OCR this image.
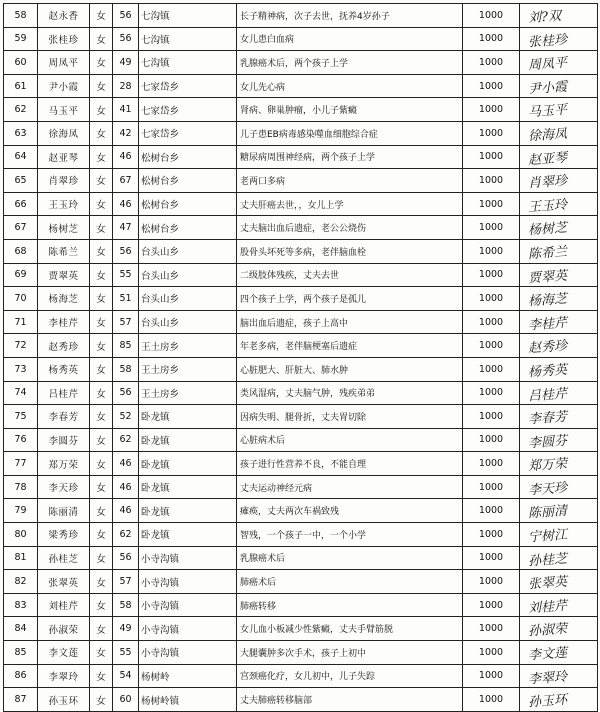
58	赵永香	女	56	七沟镇	长子精神病，次子去世，抚养4岁孙子	1000	刘?双

59	张桂珍	女	56	七沟镇	女儿患白血病	1000	张桂珍

60	周凤平	女	49	七沟镇	乳腺癌术后，两个孩子上学	1000	周凤平

61	尹小霞	女	28	七家岱乡	女儿先心病	1000	尹小霞

62	马玉平	女	41	七家岱乡	肾病、卵巢肿瘤，小儿子紫癜	1000	马玉平

63	徐海凤	女	42	七家岱乡	儿子患EB病毒感染噬血细胞综合症	1000	徐海凤

64	赵亚琴	女	46	松树台乡	糖尿病周围神经病，两个孩子上学	1000	赵亚琴

65	肖翠珍	女	67	松树台乡	老两口多病	1000	肖翠珍

66	王玉玲	女	46	松树台乡	丈夫肝癌去世，，女儿上学	1000	王玉玲

67	杨树芝	女	47	松树台乡	丈夫脑出血后遗症，老公公烧伤	1000	杨树芝

68	陈希兰	女	56	台头山乡	股骨头坏死等多病，老伴脑血栓	1000	陈希兰

69	贾翠英	女	55	台头山乡	二级肢体残疾，丈夫去世	1000	贾翠英

70	杨海芝	女	51	台头山乡	四个孩子上学，两个孩子是孤儿	1000	杨海芝

71	李桂芹	女	57	台头山乡	脑出血后遗症，孩子上高中	1000	李桂芹

72	赵秀珍	女	85	王土房乡	年老多病，老伴脑梗塞后遗症	1000	赵秀珍

73	杨秀英	女	58	王土房乡	心脏肥大、肝脏大、肺水肿	1000	杨秀英

74	吕桂芹	女	56	王土房乡	类风湿病，丈夫脑气肿，残疾弟弟	1000	吕桂芹

75	李春芳	女	52	卧龙镇	因病失明、腿骨折，丈夫胃切除	1000	李春芳

76	李圆芬	女	62	卧龙镇	心脏病术后	1000	李圆芬

77	郑万荣	女	46	卧龙镇	孩子进行性营养不良，不能自理	1000	郑万荣

78	李天珍	女	46	卧龙镇	丈夫运动神经元病	1000	李天珍

79	陈丽清	女	46	卧龙镇	瘫痪，丈夫两次车祸致残	1000	陈丽清

80	梁秀珍	女	62	卧龙镇	智残，一个孩子一中，一个小学	1000	宁树江

81	孙桂芝	女	56	小寺沟镇	乳腺癌术后	1000	孙桂芝

82	张翠英	女	57	小寺沟镇	肺癌术后	1000	张翠英

83	刘桂芹	女	58	小寺沟镇	肺癌转移	1000	刘桂芹

84	孙淑荣	女	49	小寺沟镇	女儿血小板减少性紫癜，丈夫手臂筋脱	1000	孙淑荣

85	李文莲	女	55	小寺沟镇	大腿囊肿多次手术，孩子上初中	1000	李文莲

86	李翠玲	女	54	杨树岭	宫颈癌化疗，女儿初中，儿子失踪	1000	李翠玲

87	孙玉环	女	60	杨树岭镇	丈夫肺癌转移脑部	1000	孙玉环
